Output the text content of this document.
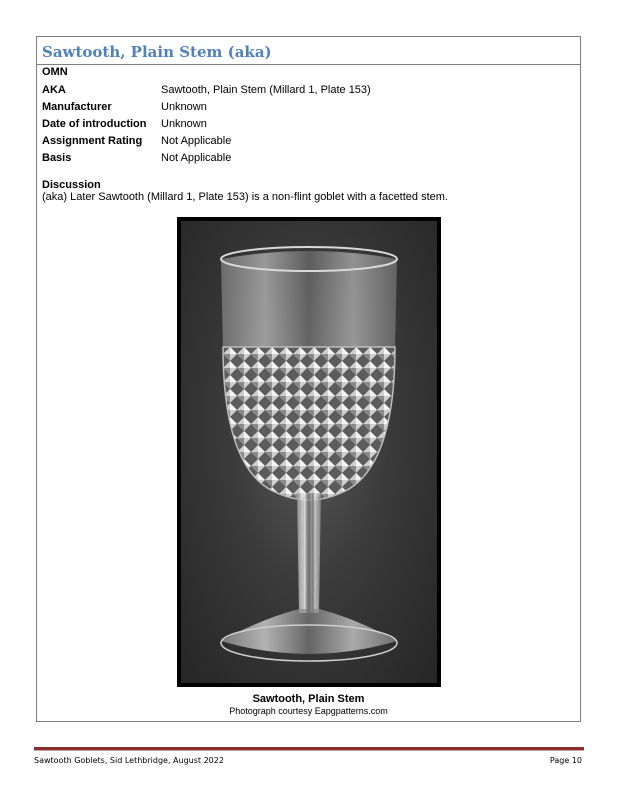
Sawtooth, Plain Stem (aka)
OMN
AKA	Sawtooth, Plain Stem (Millard 1, Plate 153)
Manufacturer	Unknown
Date of introduction Unknown
Assignment Rating Not Applicable
Basis	Not Applicable
Discussion
(aka) Later Sawtooth (Millard 1, Plate 153) is a non-flint goblet with a facetted stem.
Sawtooth, Plain Stem
Photograph courtesy Eapgpatterns.com
Sawtooth Goblets, Sid Lethbridge, August 2022	Page 10
